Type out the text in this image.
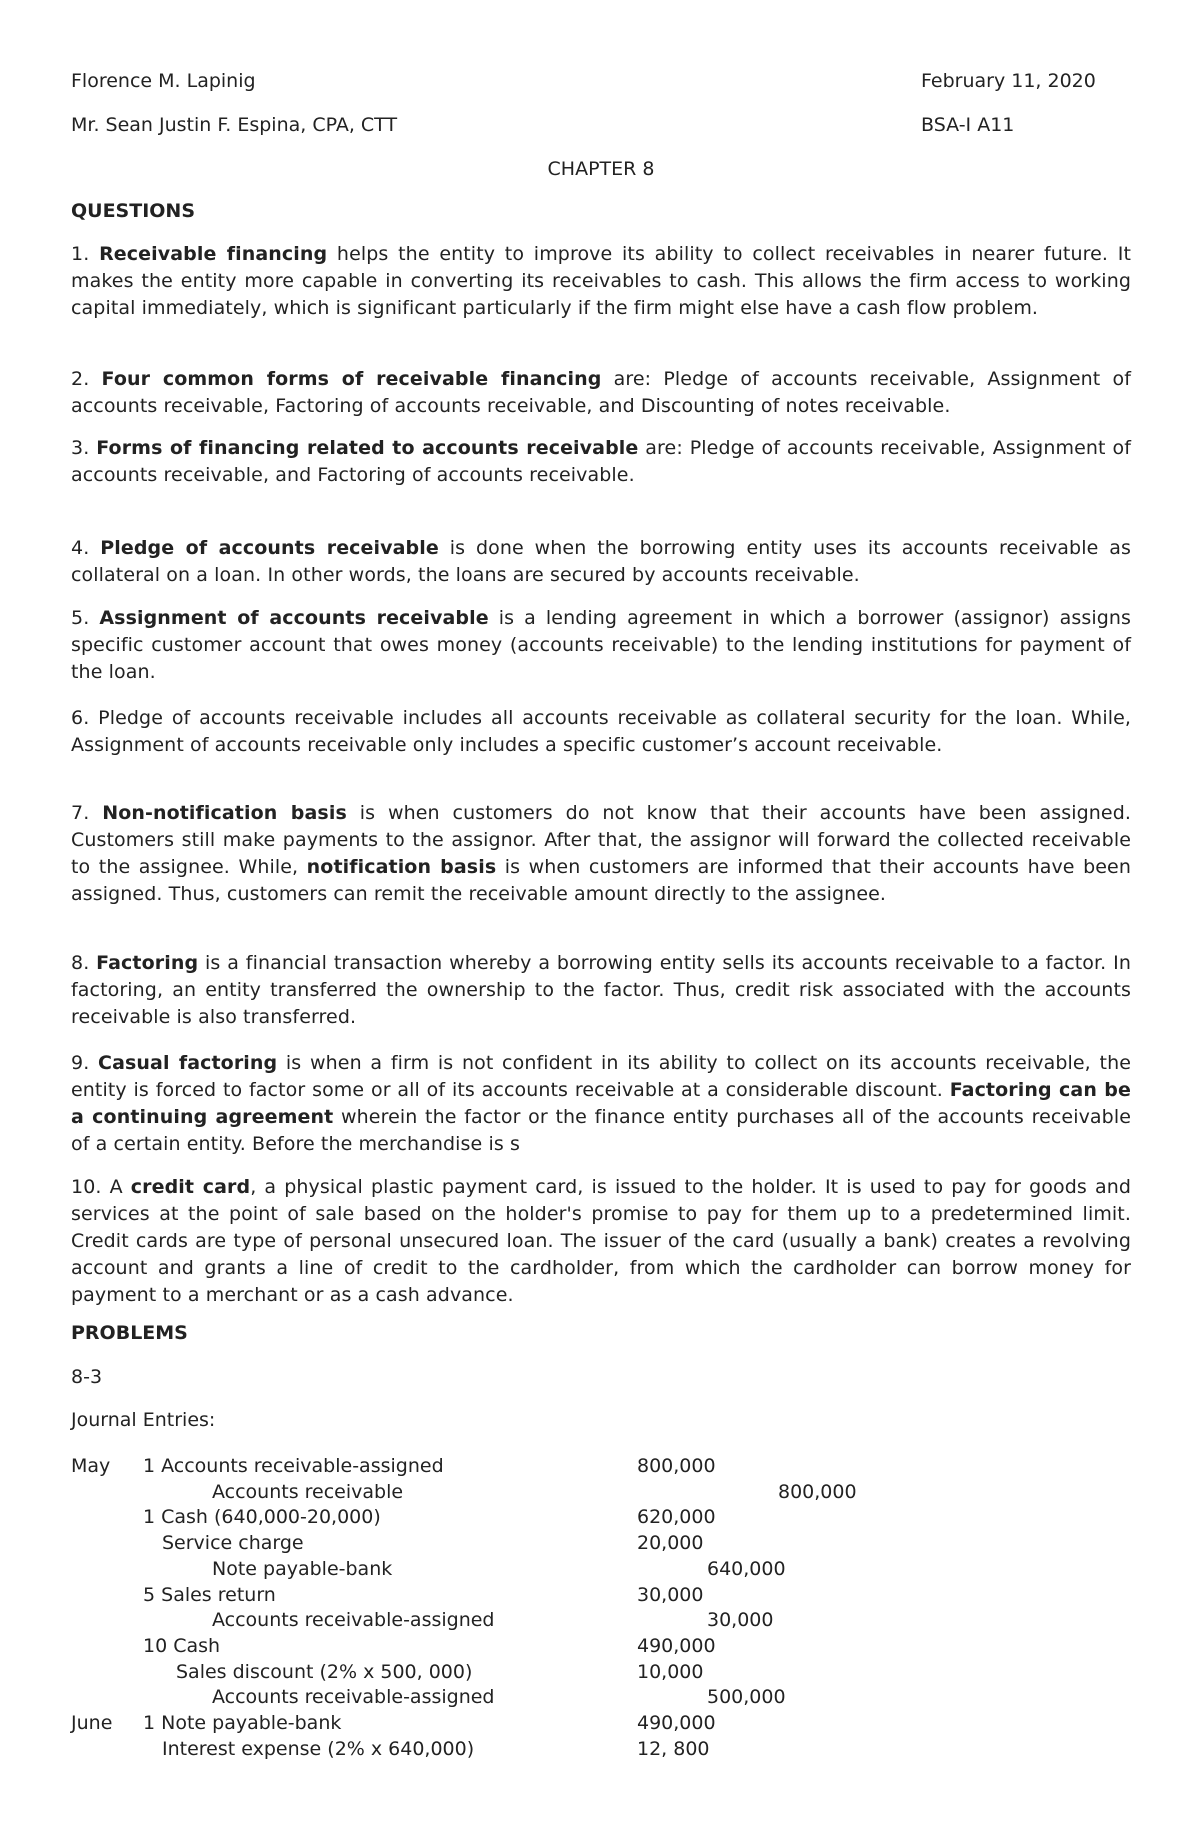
Florence M. Lapinig	February 11, 2020
Mr. Sean Justin F. Espina, CPA, CTT	BSA-I A11
CHAPTER 8
QUESTIONS
1. Receivable financing helps the entity to improve its ability to collect receivables in nearer future. It makes the entity more capable in converting its receivables to cash. This allows the firm access to working capital immediately, which is significant particularly if the firm might else have a cash flow problem.
2. Four common forms of receivable financing are: Pledge of accounts receivable, Assignment of accounts receivable, Factoring of accounts receivable, and Discounting of notes receivable.
3. Forms of financing related to accounts receivable are: Pledge of accounts receivable, Assignment of accounts receivable, and Factoring of accounts receivable.
4. Pledge of accounts receivable is done when the borrowing entity uses its accounts receivable as collateral on a loan. In other words, the loans are secured by accounts receivable.
5. Assignment of accounts receivable is a lending agreement in which a borrower (assignor) assigns specific customer account that owes money (accounts receivable) to the lending institutions for payment of the loan.
6. Pledge of accounts receivable includes all accounts receivable as collateral security for the loan. While, Assignment of accounts receivable only includes a specific customer’s account receivable.
7. Non-notification basis is when customers do not know that their accounts have been assigned. Customers still make payments to the assignor. After that, the assignor will forward the collected receivable to the assignee. While, notification basis is when customers are informed that their accounts have been assigned. Thus, customers can remit the receivable amount directly to the assignee.
8. Factoring is a financial transaction whereby a borrowing entity sells its accounts receivable to a factor. In factoring, an entity transferred the ownership to the factor. Thus, credit risk associated with the accounts receivable is also transferred.
9. Casual factoring is when a firm is not confident in its ability to collect on its accounts receivable, the entity is forced to factor some or all of its accounts receivable at a considerable discount. Factoring can be a continuing agreement wherein the factor or the finance entity purchases all of the accounts receivable of a certain entity. Before the merchandise is s
10. A credit card, a physical plastic payment card, is issued to the holder. It is used to pay for goods and services at the point of sale based on the holder's promise to pay for them up to a predetermined limit. Credit cards are type of personal unsecured loan. The issuer of the card (usually a bank) creates a revolving account and grants a line of credit to the cardholder, from which the cardholder can borrow money for payment to a merchant or as a cash advance.
PROBLEMS
8-3
Journal Entries:
May 1 Accounts receivable-assigned	800,000
Accounts receivable	800,000
1 Cash (640,000-20,000)	620,000
Service charge	20,000
Note payable-bank	640,000
5 Sales return	30,000
Accounts receivable-assigned	30,000
10 Cash	490,000
Sales discount (2% x 500, 000)	10,000
Accounts receivable-assigned	500,000
June 1 Note payable-bank	490,000
Interest expense (2% x 640,000)	12, 800
